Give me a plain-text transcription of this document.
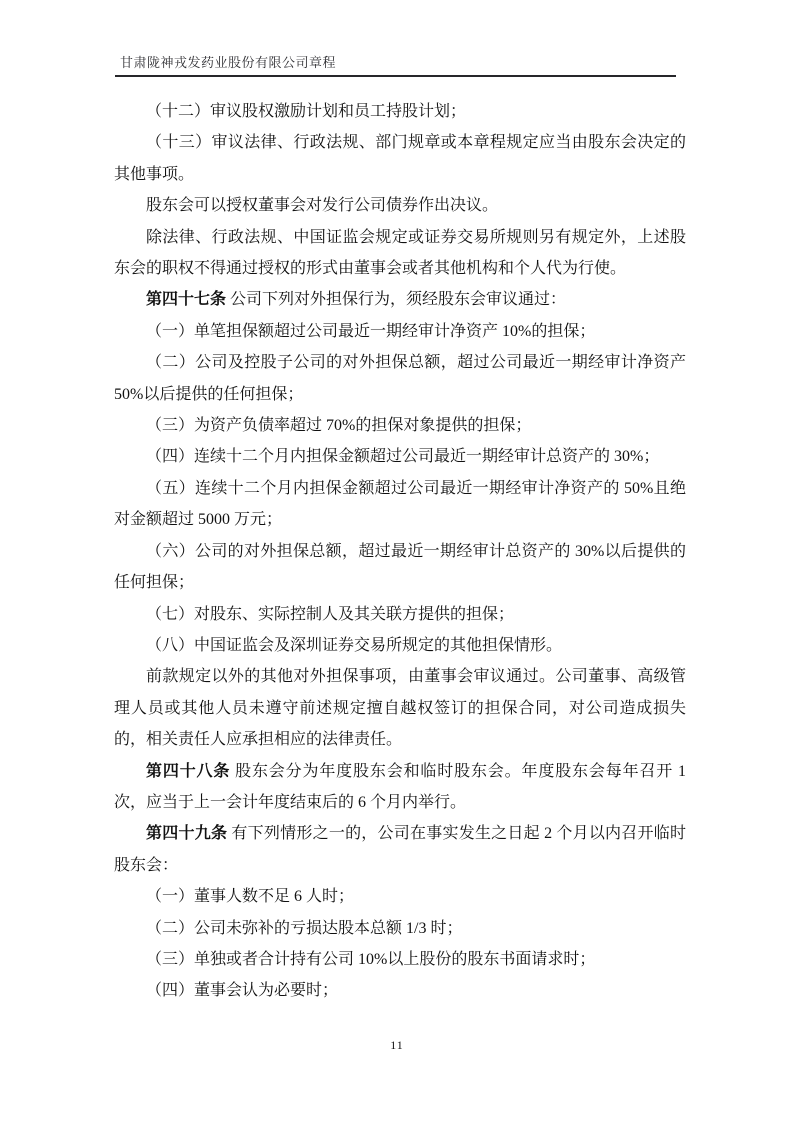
甘肃陇神戎发药业股份有限公司章程

（十二）审议股权激励计划和员工持股计划；

（十三）审议法律、行政法规、部门规章或本章程规定应当由股东会决定的其他事项。

股东会可以授权董事会对发行公司债券作出决议。

除法律、行政法规、中国证监会规定或证券交易所规则另有规定外，上述股东会的职权不得通过授权的形式由董事会或者其他机构和个人代为行使。

第四十七条 公司下列对外担保行为，须经股东会审议通过：

（一）单笔担保额超过公司最近一期经审计净资产 10%的担保；

（二）公司及控股子公司的对外担保总额，超过公司最近一期经审计净资产 50%以后提供的任何担保；

（三）为资产负债率超过 70%的担保对象提供的担保；

（四）连续十二个月内担保金额超过公司最近一期经审计总资产的 30%；

（五）连续十二个月内担保金额超过公司最近一期经审计净资产的 50%且绝对金额超过 5000 万元；

（六）公司的对外担保总额，超过最近一期经审计总资产的 30%以后提供的任何担保；

（七）对股东、实际控制人及其关联方提供的担保；

（八）中国证监会及深圳证券交易所规定的其他担保情形。

前款规定以外的其他对外担保事项，由董事会审议通过。公司董事、高级管理人员或其他人员未遵守前述规定擅自越权签订的担保合同，对公司造成损失的，相关责任人应承担相应的法律责任。

第四十八条 股东会分为年度股东会和临时股东会。年度股东会每年召开 1 次，应当于上一会计年度结束后的 6 个月内举行。

第四十九条 有下列情形之一的，公司在事实发生之日起 2 个月以内召开临时股东会：

（一）董事人数不足 6 人时；

（二）公司未弥补的亏损达股本总额 1/3 时；

（三）单独或者合计持有公司 10%以上股份的股东书面请求时；

（四）董事会认为必要时；

11
